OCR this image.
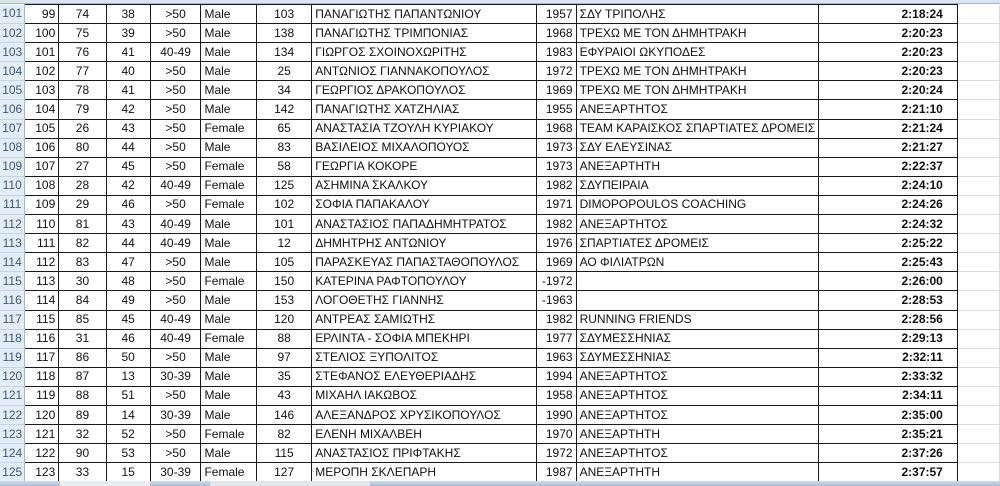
101	99	74	38	>50	Male	103	ΠΑΝΑΓΙΩΤΗΣ ΠΑΠΑΝΤΩΝΙΟΥ	1957	ΣΔΥ ΤΡΙΠΟΛΗΣ	2:18:24	
102	100	75	39	>50	Male	138	ΠΑΝΑΓΙΩΤΗΣ ΤΡΙΜΠΟΝΙΑΣ	1968	ΤΡΕΧΩ ΜΕ ΤΟΝ ΔΗΜΗΤΡΑΚΗ	2:20:23	
103	101	76	41	40-49	Male	134	ΓΙΩΡΓΟΣ ΣΧΟΙΝΟΧΩΡΙΤΗΣ	1983	ΕΦΥΡΑΙΟΙ ΩΚΥΠΟΔΕΣ	2:20:23	
104	102	77	40	>50	Male	25	ΑΝΤΩΝΙΟΣ ΓΙΑΝΝΑΚΟΠΟΥΛΟΣ	1972	ΤΡΕΧΩ ΜΕ ΤΟΝ ΔΗΜΗΤΡΑΚΗ	2:20:23	
105	103	78	41	>50	Male	34	ΓΕΩΡΓΙΟΣ ΔΡΑΚΟΠΟΥΛΟΣ	1969	ΤΡΕΧΩ ΜΕ ΤΟΝ ΔΗΜΗΤΡΑΚΗ	2:20:24	
106	104	79	42	>50	Male	142	ΠΑΝΑΓΙΩΤΗΣ ΧΑΤΖΗΛΙΑΣ	1955	ΑΝΕΞΑΡΤΗΤΟΣ	2:21:10	
107	105	26	43	>50	Female	65	ΑΝΑΣΤΑΣΙΑ ΤΖΟΥΛΗ ΚΥΡΙΑΚΟΥ	1968	TEAM ΚΑΡΑΙΣΚΟΣ ΣΠΑΡΤΙΑΤΕΣ ΔΡΟΜΕΙΣ	2:21:24	
108	106	80	44	>50	Male	83	ΒΑΣΙΛΕΙΟΣ ΜΙΧΑΛΟΠΟΥΟΣ	1973	ΣΔΥ ΕΛΕΥΣΙΝΑΣ	2:21:27	
109	107	27	45	>50	Female	58	ΓΕΩΡΓΙΑ ΚΟΚΟΡΕ	1973	ΑΝΕΞΑΡΤΗΤΗ	2:22:37	
110	108	28	42	40-49	Female	125	ΑΣΗΜΙΝΑ ΣΚΑΛΚΟΥ	1982	ΣΔΥΠΕΙΡΑΙΑ	2:24:10	
111	109	29	46	>50	Female	102	ΣΟΦΙΑ ΠΑΠΑΚΑΛΟΥ	1971	DIMOPOPOULOS COACHING	2:24:26	
112	110	81	43	40-49	Male	101	ΑΝΑΣΤΑΣΙΟΣ ΠΑΠΑΔΗΜΗΤΡΑΤΟΣ	1982	ΑΝΕΞΑΡΤΗΤΟΣ	2:24:32	
113	111	82	44	40-49	Male	12	ΔΗΜΗΤΡΗΣ ΑΝΤΩΝΙΟΥ	1976	ΣΠΑΡΤΙΑΤΕΣ ΔΡΟΜΕΙΣ	2:25:22	
114	112	83	47	>50	Male	105	ΠΑΡΑΣΚΕΥΑΣ ΠΑΠΑΣΤΑΘΟΠΟΥΛΟΣ	1969	ΑΟ ΦΙΛΙΑΤΡΩΝ	2:25:43	
115	113	30	48	>50	Female	150	ΚΑΤΕΡΙΝΑ ΡΑΦΤΟΠΟΥΛΟΥ	-1972		2:26:00	
116	114	84	49	>50	Male	153	ΛΟΓΟΘΕΤΗΣ ΓΙΑΝΝΗΣ	-1963		2:28:53	
117	115	85	45	40-49	Male	120	ΑΝΤΡΕΑΣ ΣΑΜΙΩΤΗΣ	1982	RUNNING FRIENDS	2:28:56	
118	116	31	46	40-49	Female	88	ΕΡΛΙΝΤΑ - ΣΟΦΙΑ ΜΠΕΚΗΡΙ	1977	ΣΔΥΜΕΣΣΗΝΙΑΣ	2:29:13	
119	117	86	50	>50	Male	97	ΣΤΕΛΙΟΣ ΞΥΠΟΛΙΤΟΣ	1963	ΣΔΥΜΕΣΣΗΝΙΑΣ	2:32:11	
120	118	87	13	30-39	Male	35	ΣΤΕΦΑΝΟΣ ΕΛΕΥΘΕΡΙΑΔΗΣ	1994	ΑΝΕΞΑΡΤΗΤΟΣ	2:33:32	
121	119	88	51	>50	Male	43	ΜΙΧΑΗΛ ΙΑΚΩΒΟΣ	1958	ΑΝΕΞΑΡΤΗΤΟΣ	2:34:11	
122	120	89	14	30-39	Male	146	ΑΛΕΞΑΝΔΡΟΣ ΧΡΥΣΙΚΟΠΟΥΛΟΣ	1990	ΑΝΕΞΑΡΤΗΤΟΣ	2:35:00	
123	121	32	52	>50	Female	82	ΕΛΕΝΗ ΜΙΧΑΛΒΕΗ	1970	ΑΝΕΞΑΡΤΗΤΗ	2:35:21	
124	122	90	53	>50	Male	115	ΑΝΑΣΤΑΣΙΟΣ ΠΡΙΦΤΑΚΗΣ	1972	ΑΝΕΞΑΡΤΗΤΟΣ	2:37:26	
125	123	33	15	30-39	Female	127	ΜΕΡΟΠΗ ΣΚΛΕΠΑΡΗ	1987	ΑΝΕΞΑΡΤΗΤΗ	2:37:57	
